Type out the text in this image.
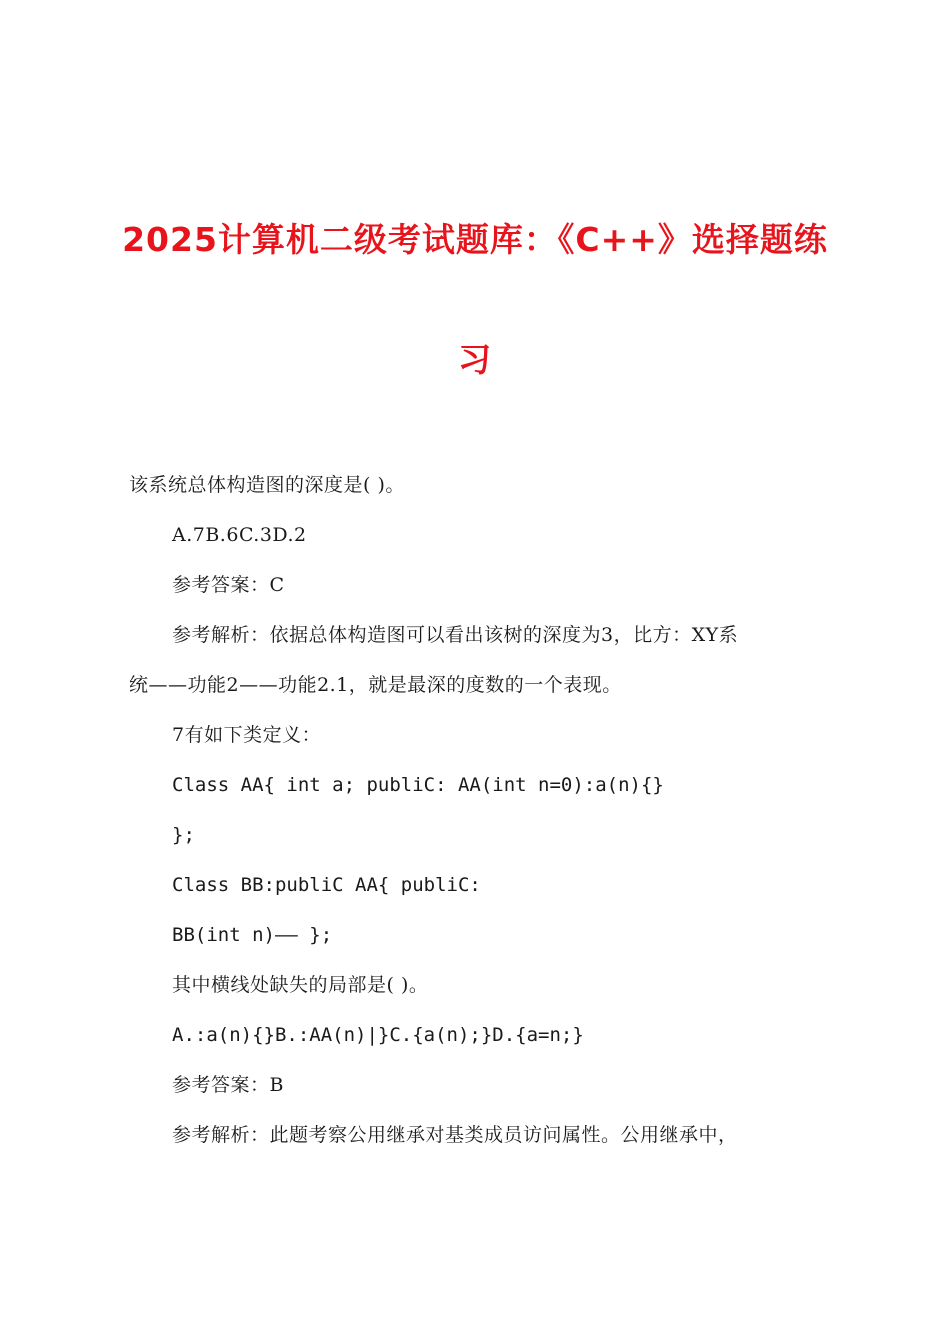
2025计算机二级考试题库：《C++》选择题练
习
该系统总体构造图的深度是( )。
A.7B.6C.3D.2
参考答案：C
参考解析：依据总体构造图可以看出该树的深度为3，比方：XY系
统——功能2——功能2.1，就是最深的度数的一个表现。
7有如下类定义：
Class AA{ int a; publiC: AA(int n=0):a(n){}
};
Class BB:publiC AA{ publiC:
BB(int n)—— };
其中横线处缺失的局部是( )。
A.:a(n){}B.:AA(n)|}C.{a(n);}D.{a=n;}
参考答案：B
参考解析：此题考察公用继承对基类成员访问属性。公用继承中，
